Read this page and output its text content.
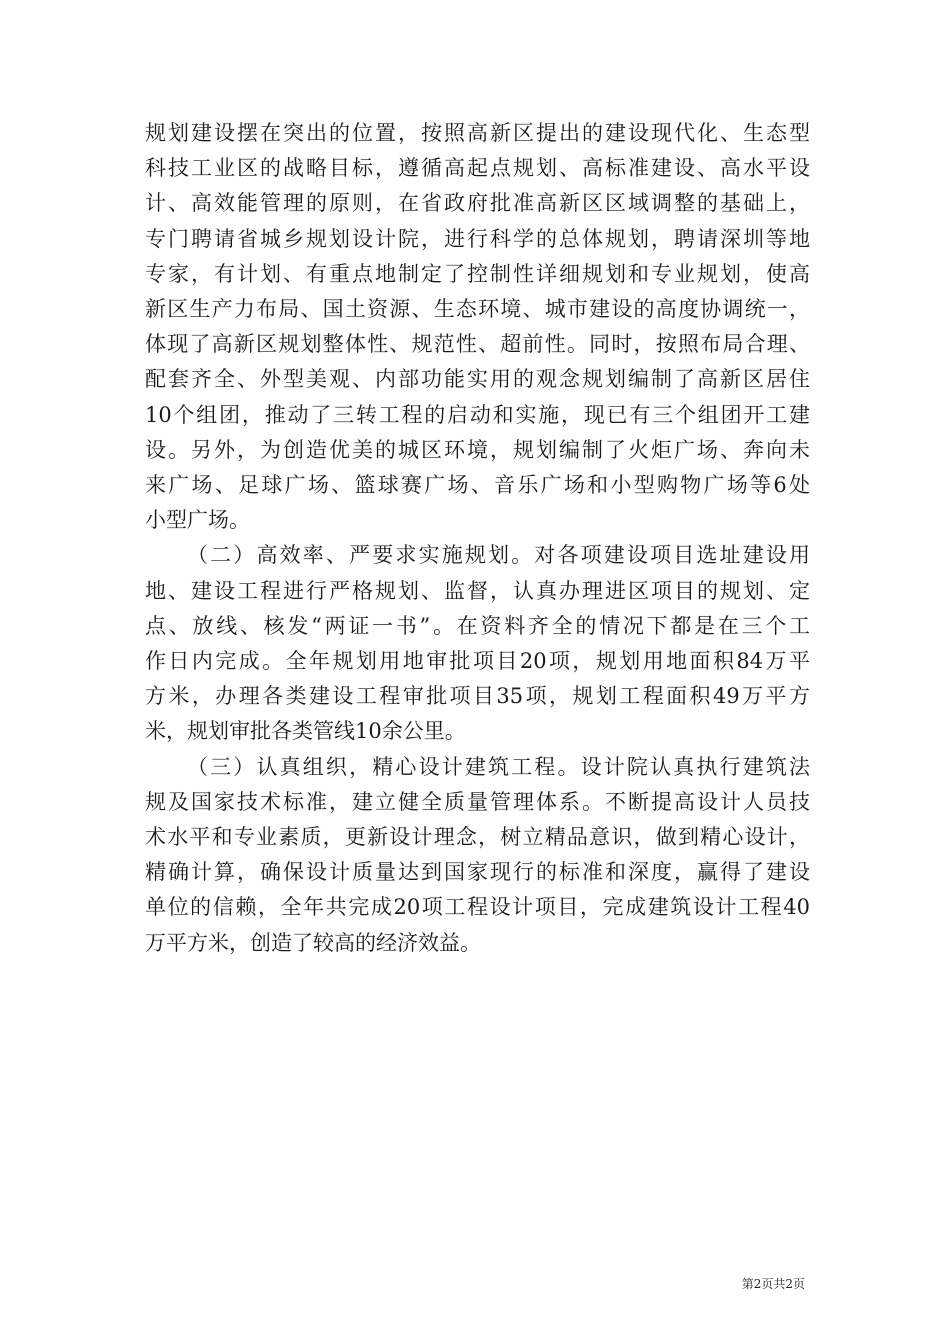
规划建设摆在突出的位置，按照高新区提出的建设现代化、生态型
科技工业区的战略目标，遵循高起点规划、高标准建设、高水平设
计、高效能管理的原则，在省政府批准高新区区域调整的基础上，
专门聘请省城乡规划设计院，进行科学的总体规划，聘请深圳等地
专家，有计划、有重点地制定了控制性详细规划和专业规划，使高
新区生产力布局、国土资源、生态环境、城市建设的高度协调统一，
体现了高新区规划整体性、规范性、超前性。同时，按照布局合理、
配套齐全、外型美观、内部功能实用的观念规划编制了高新区居住
10个组团，推动了三转工程的启动和实施，现已有三个组团开工建
设。另外，为创造优美的城区环境，规划编制了火炬广场、奔向未
来广场、足球广场、篮球赛广场、音乐广场和小型购物广场等6处
小型广场。
（二）高效率、严要求实施规划。对各项建设项目选址建设用
地、建设工程进行严格规划、监督，认真办理进区项目的规划、定
点、放线、核发“两证一书”。在资料齐全的情况下都是在三个工
作日内完成。全年规划用地审批项目20项，规划用地面积84万平
方米，办理各类建设工程审批项目35项，规划工程面积49万平方
米，规划审批各类管线10余公里。
（三）认真组织，精心设计建筑工程。设计院认真执行建筑法
规及国家技术标准，建立健全质量管理体系。不断提高设计人员技
术水平和专业素质，更新设计理念，树立精品意识，做到精心设计，
精确计算，确保设计质量达到国家现行的标准和深度，赢得了建设
单位的信赖，全年共完成20项工程设计项目，完成建筑设计工程40
万平方米，创造了较高的经济效益。
第2页共2页
